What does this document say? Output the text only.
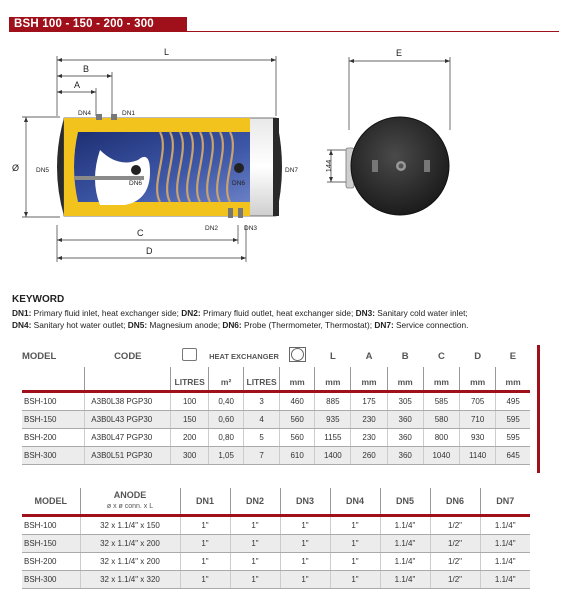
BSH 100 - 150 - 200 - 300
L
B
A
C
D
E
Ø	144
DN4	DN1
DN5
DN6	DN6
DN7
DN2	DN3
KEYWORD
DN1: Primary fluid inlet, heat exchanger side; DN2: Primary fluid outlet, heat exchanger side; DN3: Sanitary cold water inlet;
DN4: Sanitary hot water outlet; DN5: Magnesium anode; DN6: Probe (Thermometer, Thermostat); DN7: Service connection.
MODEL	CODE		HEAT EXCHANGER			L	A	B	C	D	E
		LITRES	m²	LITRES	mm	mm	mm	mm	mm	mm	mm

BSH-100	A3B0L38 PGP30	100	0,40	3	460	885	175	305	585	705	495
BSH-150	A3B0L43 PGP30	150	0,60	4	560	935	230	360	580	710	595
BSH-200	A3B0L47 PGP30	200	0,80	5	560	1155	230	360	800	930	595
BSH-300	A3B0L51 PGP30	300	1,05	7	610	1400	260	360	1040	1140	645
MODEL	ANODE
ø x ø conn. x L	DN1	DN2	DN3	DN4	DN5	DN6	DN7

BSH-100	32 x 1.1/4" x 150	1"	1"	1"	1"	1.1/4"	1/2"	1.1/4"
BSH-150	32 x 1.1/4" x 200	1"	1"	1"	1"	1.1/4"	1/2"	1.1/4"
BSH-200	32 x 1.1/4" x 200	1"	1"	1"	1"	1.1/4"	1/2"	1.1/4"
BSH-300	32 x 1.1/4" x 320	1"	1"	1"	1"	1.1/4"	1/2"	1.1/4"
